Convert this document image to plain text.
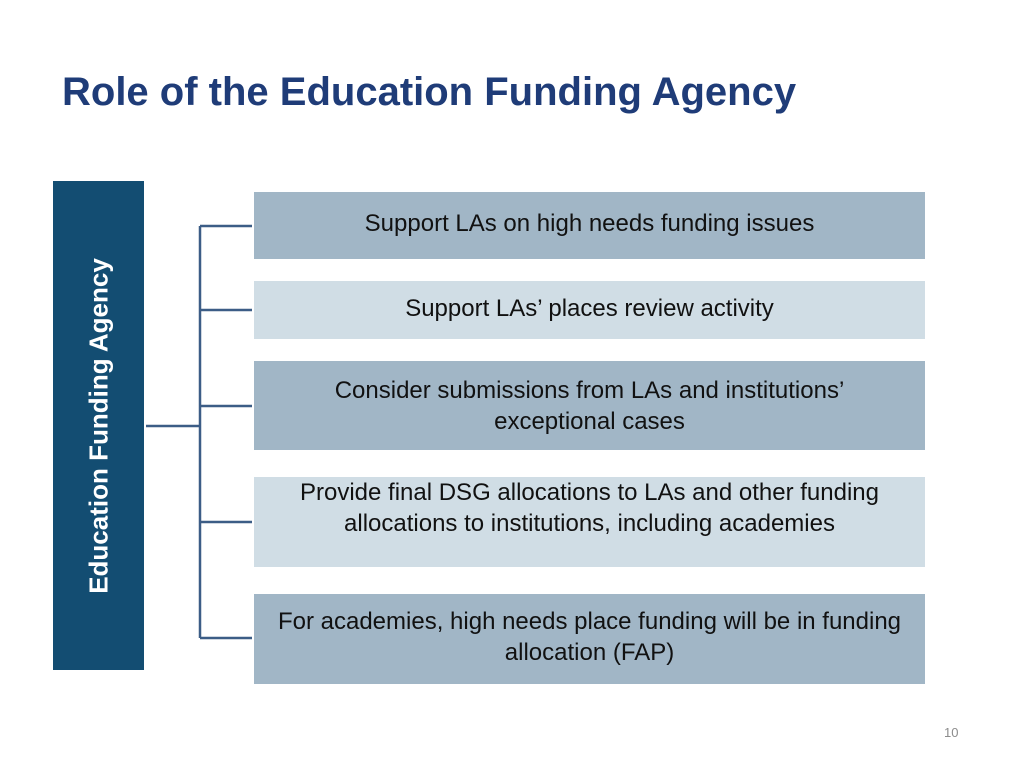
Role of the Education Funding Agency
Education Funding Agency
Support LAs on high needs funding issues
Support LAs’ places review activity
Consider submissions from LAs and institutions’ exceptional cases
Provide final DSG allocations to LAs and other funding allocations to institutions, including academies
For academies, high needs place funding will be in funding allocation (FAP)
10
